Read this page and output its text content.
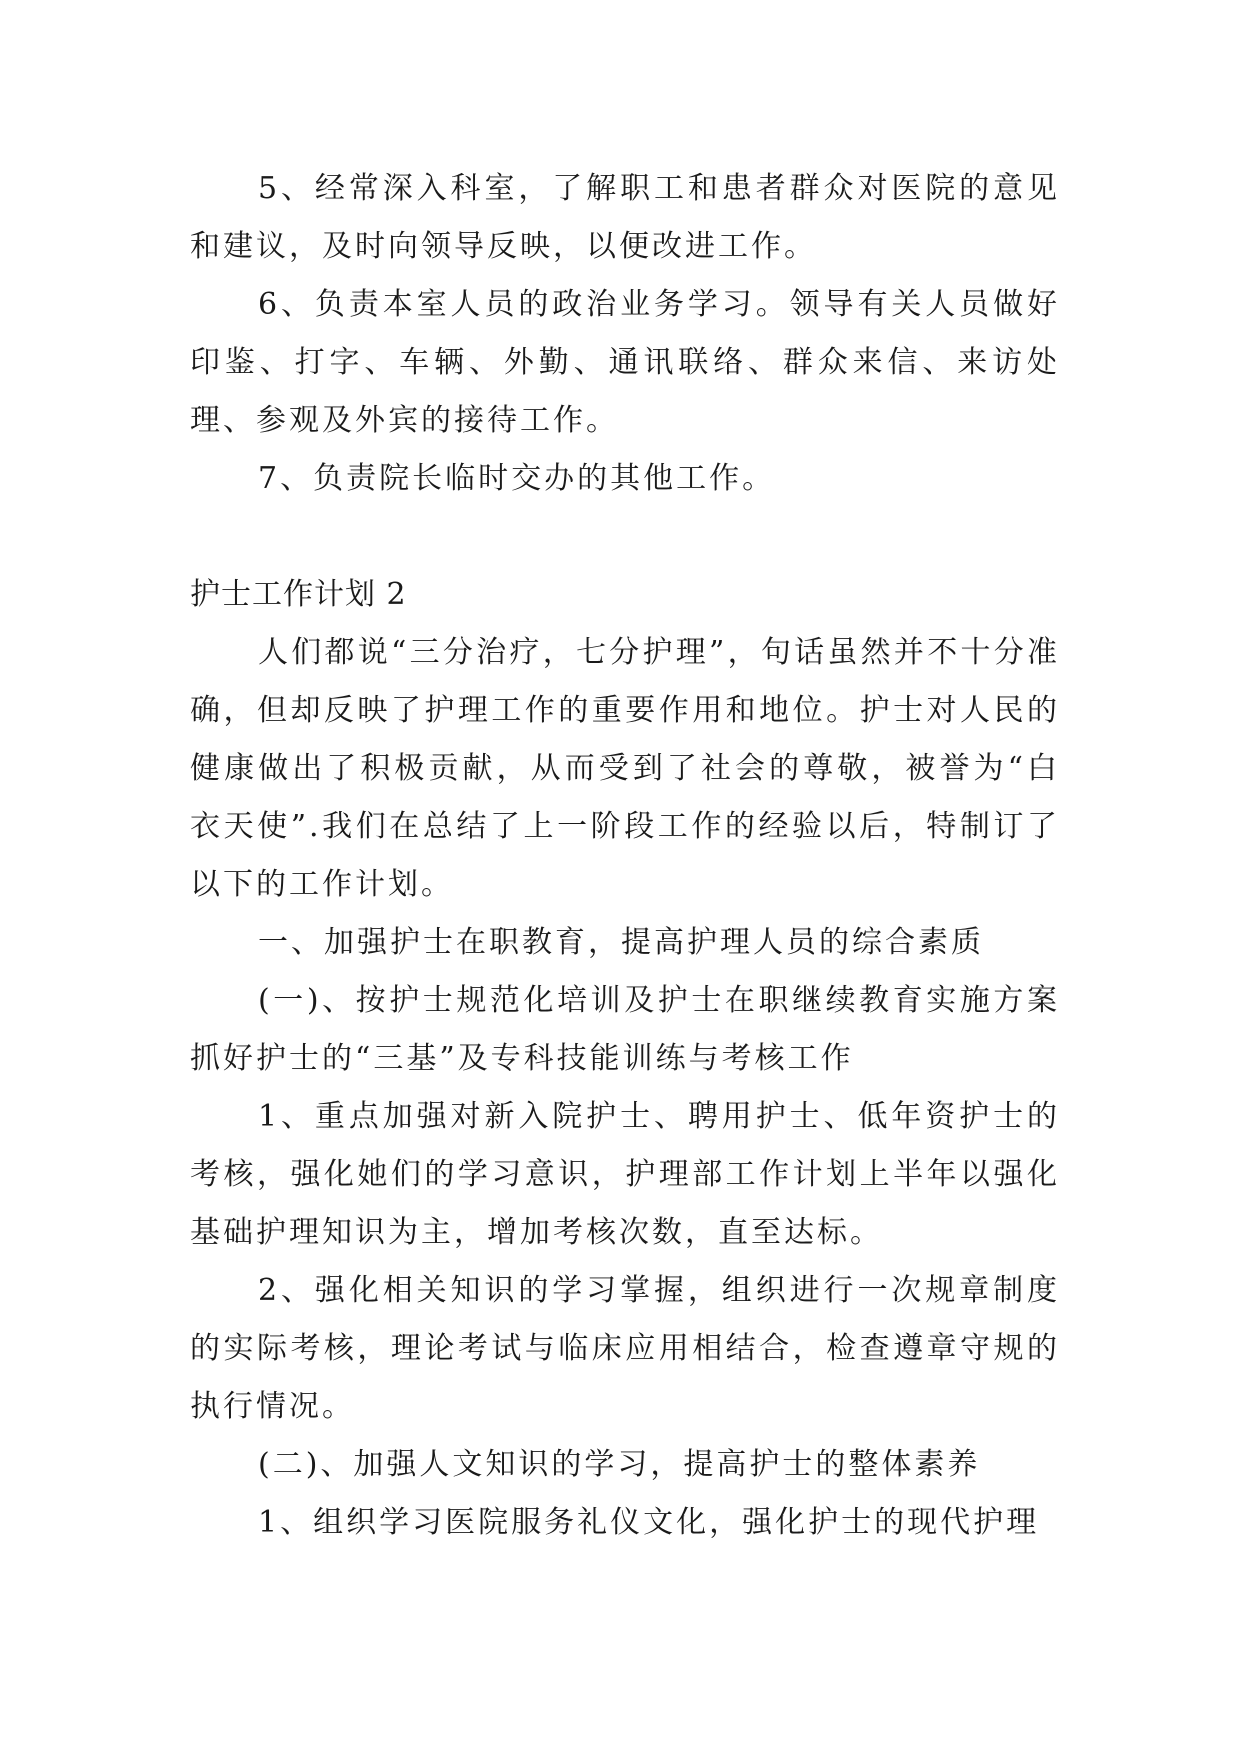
5、经常深入科室，了解职工和患者群众对医院的意见和建议，及时向领导反映，以便改进工作。

6、负责本室人员的政治业务学习。领导有关人员做好印鉴、打字、车辆、外勤、通讯联络、群众来信、来访处理、参观及外宾的接待工作。

7、负责院长临时交办的其他工作。

护士工作计划 2

人们都说“三分治疗，七分护理”，句话虽然并不十分准确，但却反映了护理工作的重要作用和地位。护士对人民的健康做出了积极贡献，从而受到了社会的尊敬，被誉为“白衣天使”.我们在总结了上一阶段工作的经验以后，特制订了以下的工作计划。

一、加强护士在职教育，提高护理人员的综合素质

(一)、按护士规范化培训及护士在职继续教育实施方案抓好护士的“三基”及专科技能训练与考核工作

1、重点加强对新入院护士、聘用护士、低年资护士的考核，强化她们的学习意识，护理部工作计划上半年以强化基础护理知识为主，增加考核次数，直至达标。

2、强化相关知识的学习掌握，组织进行一次规章制度的实际考核，理论考试与临床应用相结合，检查遵章守规的执行情况。

(二)、加强人文知识的学习，提高护士的整体素养

1、组织学习医院服务礼仪文化，强化护士的现代护理
